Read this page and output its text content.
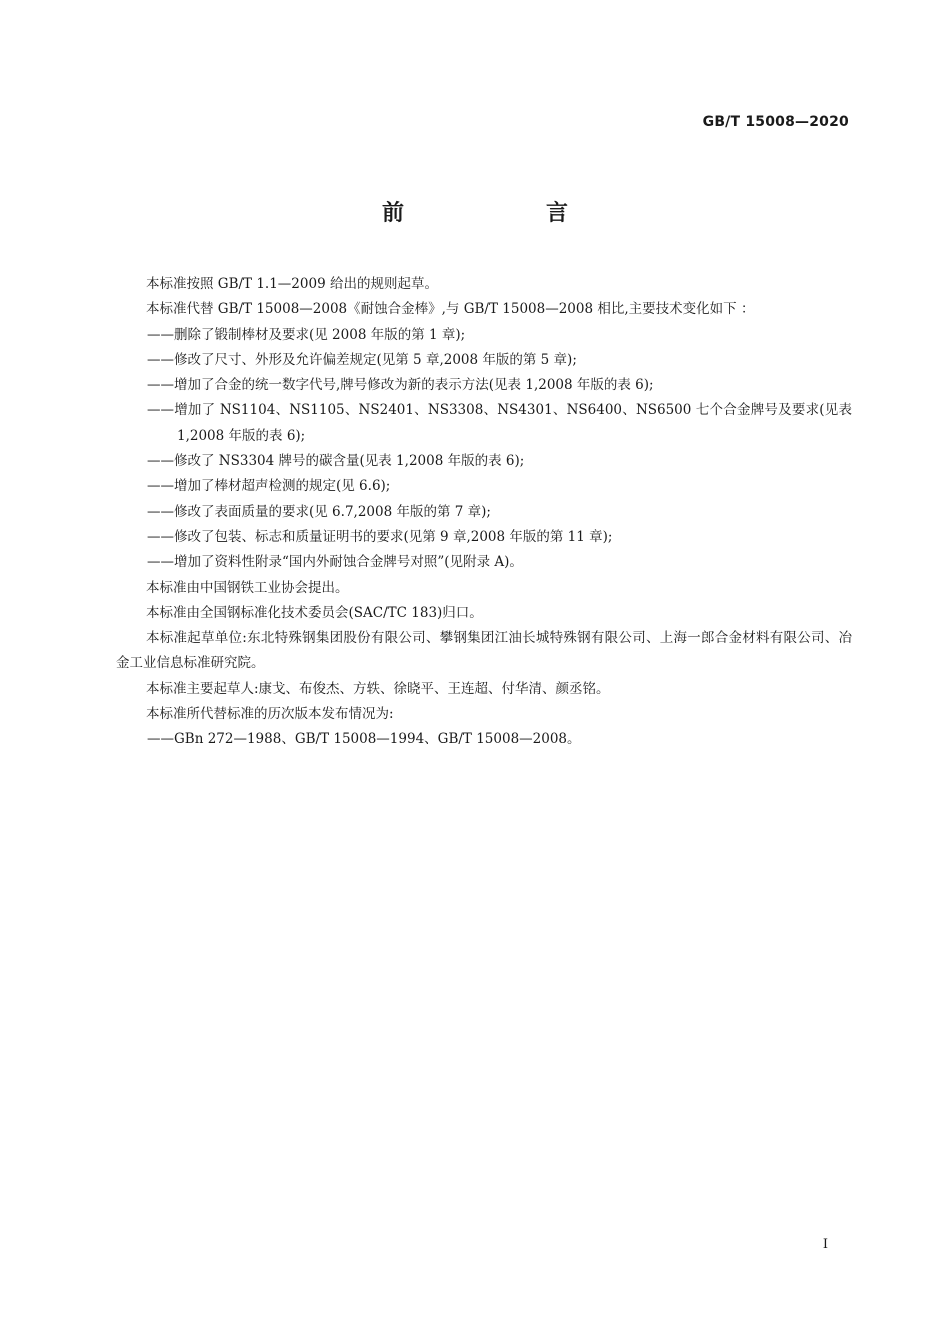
GB/T 15008—2020
前　言

本标准按照 GB/T 1.1—2009 给出的规则起草。

本标准代替 GB/T 15008—2008《耐蚀合金棒》,与 GB/T 15008—2008 相比,主要技术变化如下 ：

——删除了锻制棒材及要求(见 2008 年版的第 1 章);

——修改了尺寸、外形及允许偏差规定(见第 5 章,2008 年版的第 5 章);

——增加了合金的统一数字代号,牌号修改为新的表示方法(见表 1,2008 年版的表 6);

——增加了 NS1104、NS1105、NS2401、NS3308、NS4301、NS6400、NS6500 七个合金牌号及要求(见表 1,2008 年版的表 6);

——修改了 NS3304 牌号的碳含量(见表 1,2008 年版的表 6);

——增加了棒材超声检测的规定(见 6.6);

——修改了表面质量的要求(见 6.7,2008 年版的第 7 章);

——修改了包装、标志和质量证明书的要求(见第 9 章,2008 年版的第 11 章);

——增加了资料性附录“国内外耐蚀合金牌号对照”(见附录 A)。

本标准由中国钢铁工业协会提出。

本标准由全国钢标准化技术委员会(SAC/TC 183)归口。

本标准起草单位:东北特殊钢集团股份有限公司、攀钢集团江油长城特殊钢有限公司、上海一郎合金材料有限公司、冶金工业信息标准研究院。

本标准主要起草人:康戈、布俊杰、方轶、徐晓平、王连超、付华清、颜丞铭。

本标准所代替标准的历次版本发布情况为:

——GBn 272—1988、GB/T 15008—1994、GB/T 15008—2008。

I
